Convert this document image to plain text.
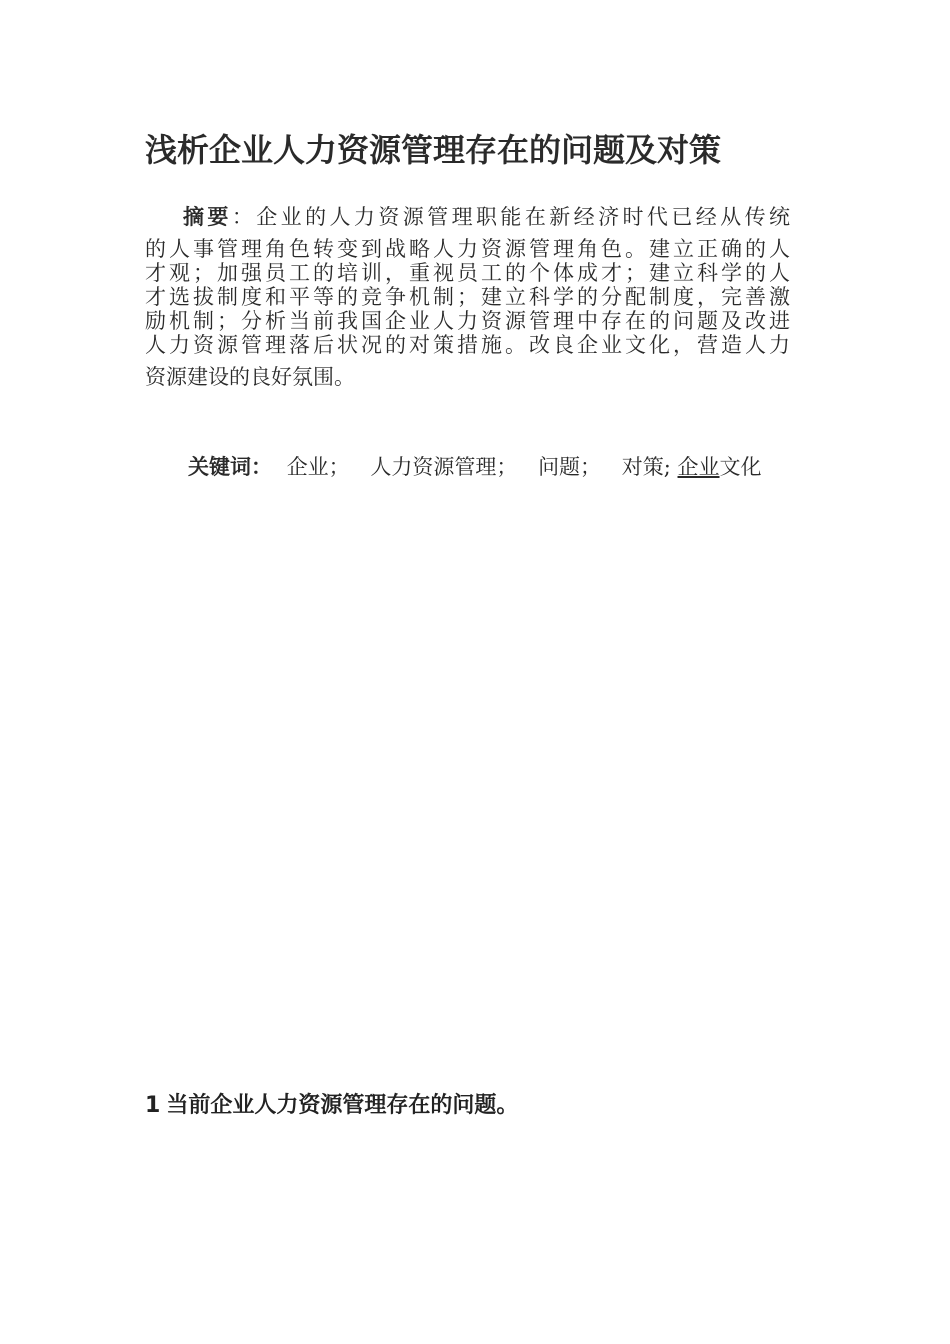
浅析企业人力资源管理存在的问题及对策
摘要：企业的人力资源管理职能在新经济时代已经从传统
的人事管理角色转变到战略人力资源管理角色。建立正确的人
才观；加强员工的培训，重视员工的个体成才；建立科学的人
才选拔制度和平等的竞争机制；建立科学的分配制度，完善激
励机制；分析当前我国企业人力资源管理中存在的问题及改进
人力资源管理落后状况的对策措施。改良企业文化，营造人力
资源建设的良好氛围。
关键词： 企业； 人力资源管理； 问题； 对策; 企业文化
1 当前企业人力资源管理存在的问题。
